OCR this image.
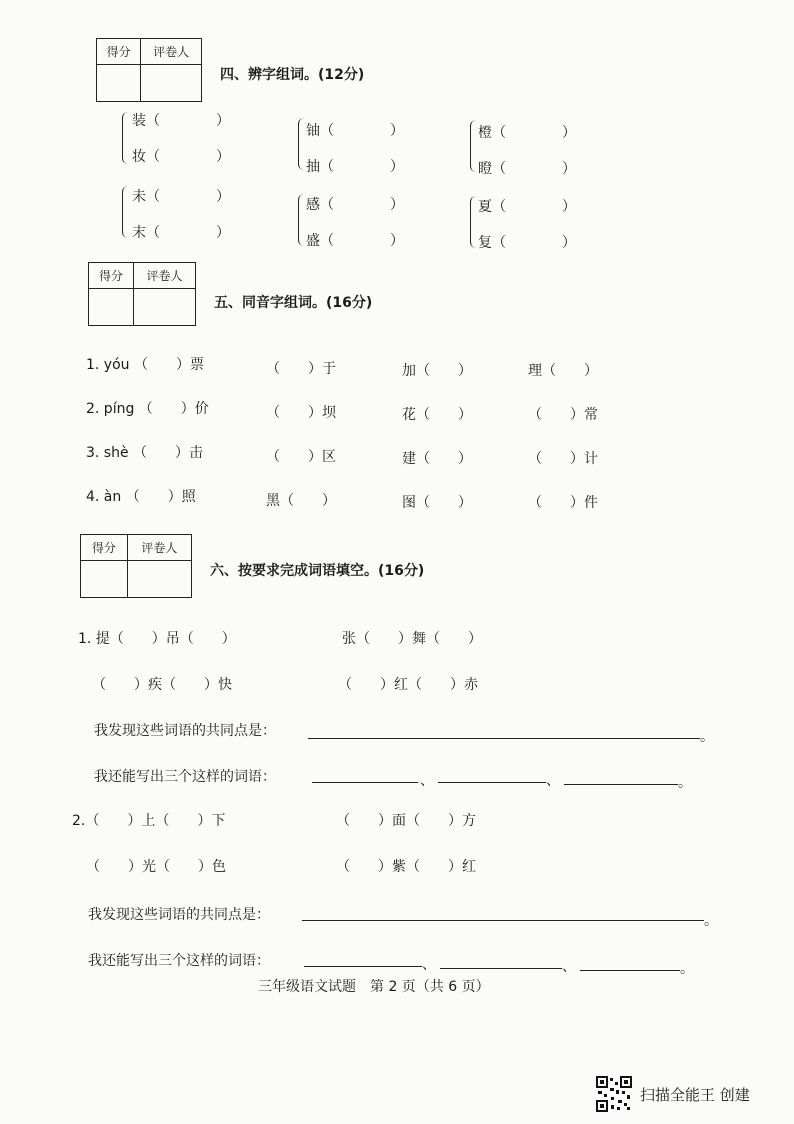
得分	评卷人
四、辨字组词。(12分)
装（　　　　）
妆（　　　　）
铀（　　　　）
抽（　　　　）
橙（　　　　）
瞪（　　　　）
未（　　　　）
末（　　　　）
感（　　　　）
盛（　　　　）
夏（　　　　）
复（　　　　）
得分	评卷人
五、同音字组词。(16分)
1. yóu （　　）票	（　　）于	加（　　）	理（　　）
2. píng （　　）价	（　　）坝	花（　　）	（　　）常
3. shè （　　）击	（　　）区	建（　　）	（　　）计
4. àn （　　）照	黑（　　）	图（　　）	（　　）件
得分	评卷人
六、按要求完成词语填空。(16分)
1. 提（　　）吊（　　）	张（　　）舞（　　）
（　　）疾（　　）快	（　　）红（　　）赤
我发现这些词语的共同点是：	。
我还能写出三个这样的词语：	、	、	。
2.（　　）上（　　）下	（　　）面（　　）方
（　　）光（　　）色	（　　）紫（　　）红
我发现这些词语的共同点是：	。
我还能写出三个这样的词语：	、	、	。
三年级语文试题　第 2 页（共 6 页）
扫描全能王 创建
